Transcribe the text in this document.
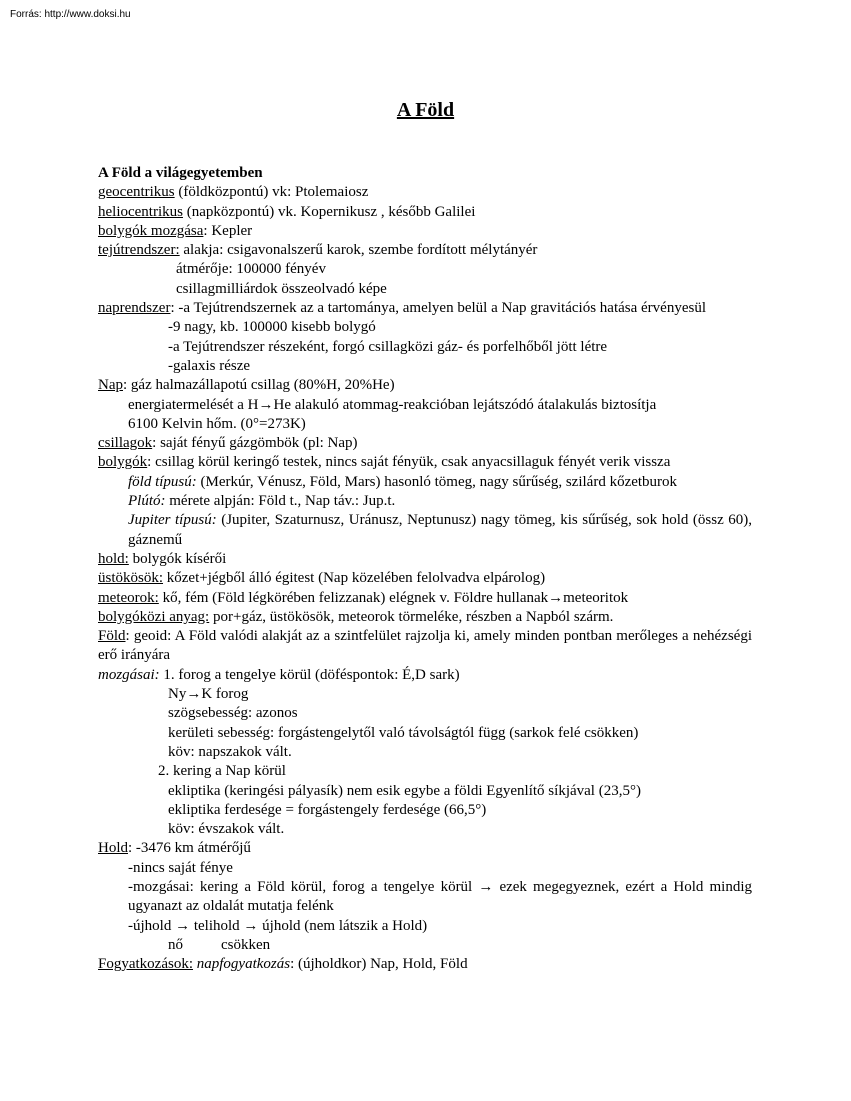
Forrás: http://www.doksi.hu
A Föld
A Föld a világegyetemben
geocentrikus (földközpontú) vk: Ptolemaiosz
heliocentrikus (napközpontú) vk. Kopernikusz , később Galilei
bolygók mozgása: Kepler
tejútrendszer: alakja: csigavonalszerű karok, szembe fordított mélytányér
átmérője: 100000 fényév
csillagmilliárdok összeolvadó képe
naprendszer: -a Tejútrendszernek az a tartománya, amelyen belül a Nap gravitációs hatása érvényesül
-9 nagy, kb. 100000 kisebb bolygó
-a Tejútrendszer részeként, forgó csillagközi gáz- és porfelhőből jött létre
-galaxis része
Nap: gáz halmazállapotú csillag (80%H, 20%He)
energiatermelését a H→He alakuló atommag-reakcióban lejátszódó átalakulás biztosítja
6100 Kelvin hőm. (0°=273K)
csillagok: saját fényű gázgömbök (pl: Nap)
bolygók: csillag körül keringő testek, nincs saját fényük, csak anyacsillaguk fényét verik vissza
föld típusú: (Merkúr, Vénusz, Föld, Mars) hasonló tömeg, nagy sűrűség, szilárd kőzetburok
Plútó: mérete alpján: Föld t., Nap táv.: Jup.t.
Jupiter típusú: (Jupiter, Szaturnusz, Uránusz, Neptunusz) nagy tömeg, kis sűrűség, sok hold (össz 60), gáznemű
hold: bolygók kísérői
üstökösök: kőzet+jégből álló égitest (Nap közelében felolvadva elpárolog)
meteorok: kő, fém (Föld légkörében felizzanak) elégnek v. Földre hullanak→meteoritok
bolygóközi anyag: por+gáz, üstökösök, meteorok törmeléke, részben a Napból szárm.
Föld: geoid: A Föld valódi alakját az a szintfelület rajzolja ki, amely minden pontban merőleges a nehézségi erő irányára
mozgásai: 1. forog a tengelye körül (döféspontok: É,D sark)
Ny→K forog
szögsebesség: azonos
kerületi sebesség: forgástengelytől való távolságtól függ (sarkok felé csökken)
köv: napszakok vált.
2. kering a Nap körül
ekliptika (keringési pályasík) nem esik egybe a földi Egyenlítő síkjával (23,5°)
ekliptika ferdesége = forgástengely ferdesége (66,5°)
köv: évszakok vált.
Hold: -3476 km átmérőjű
-nincs saját fénye
-mozgásai: kering a Föld körül, forog a tengelye körül → ezek megegyeznek, ezért a Hold mindig ugyanazt az oldalát mutatja felénk
-újhold → telihold → újhold (nem látszik a Hold)
nő	csökken
Fogyatkozások: napfogyatkozás: (újholdkor) Nap, Hold, Föld
